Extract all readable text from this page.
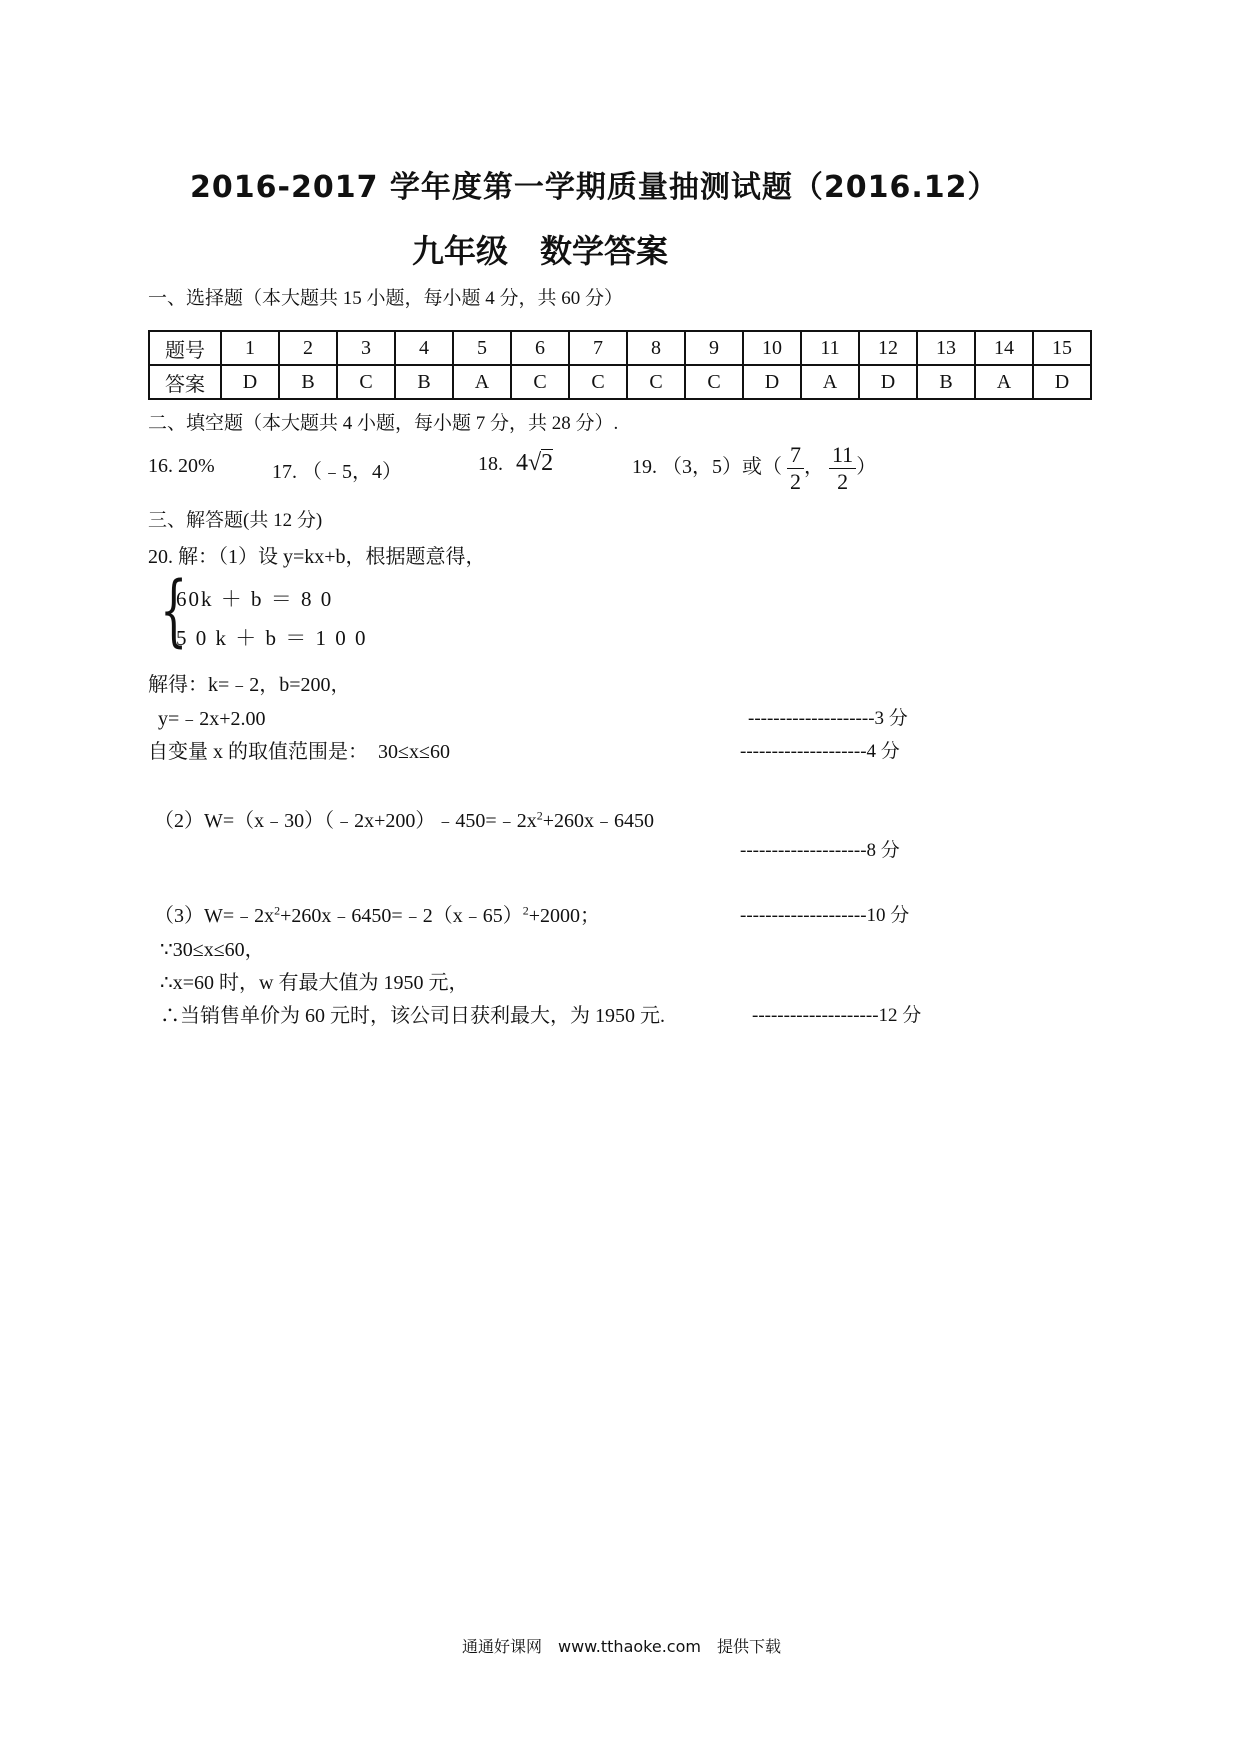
2016-2017 学年度第一学期质量抽测试题（2016.12）
九年级　数学答案
一、选择题（本大题共 15 小题，每小题 4 分，共 60 分）
题号	1	2	3	4	5	6	7	8	9	10	11	12	13	14	15
答案	D	B	C	B	A	C	C	C	C	D	A	D	B	A	D
二、填空题（本大题共 4 小题，每小题 7 分，共 28 分）.
16. 20%	17. （﹣5，4）	18. 4√2	19. （3，5）或（ $\frac{7}{2}$ ， $\frac{11}{2}$ ）
三、解答题(共 12 分)
20. 解：（1）设 y=kx+b，根据题意得，
{
60k ＋ b ＝ 8 0
5 0 k ＋ b ＝ 1 0 0
解得：k=﹣2，b=200，
y=﹣2x+2.00	--------------------3 分
自变量 x 的取值范围是：　30≤x≤60	--------------------4 分
$(2)W=(x﹣30)(﹣2x+200)﹣450=﹣2x^2+260x﹣6450$
--------------------8 分
$(3)W=﹣2x^2+260x﹣6450=﹣2(x﹣65)^2+2000$；	--------------------10 分
∵30≤x≤60，
∴x=60 时，w 有最大值为 1950 元，
∴当销售单价为 60 元时，该公司日获利最大，为 1950 元.	--------------------12 分
通通好课网　www.tthaoke.com　提供下载
